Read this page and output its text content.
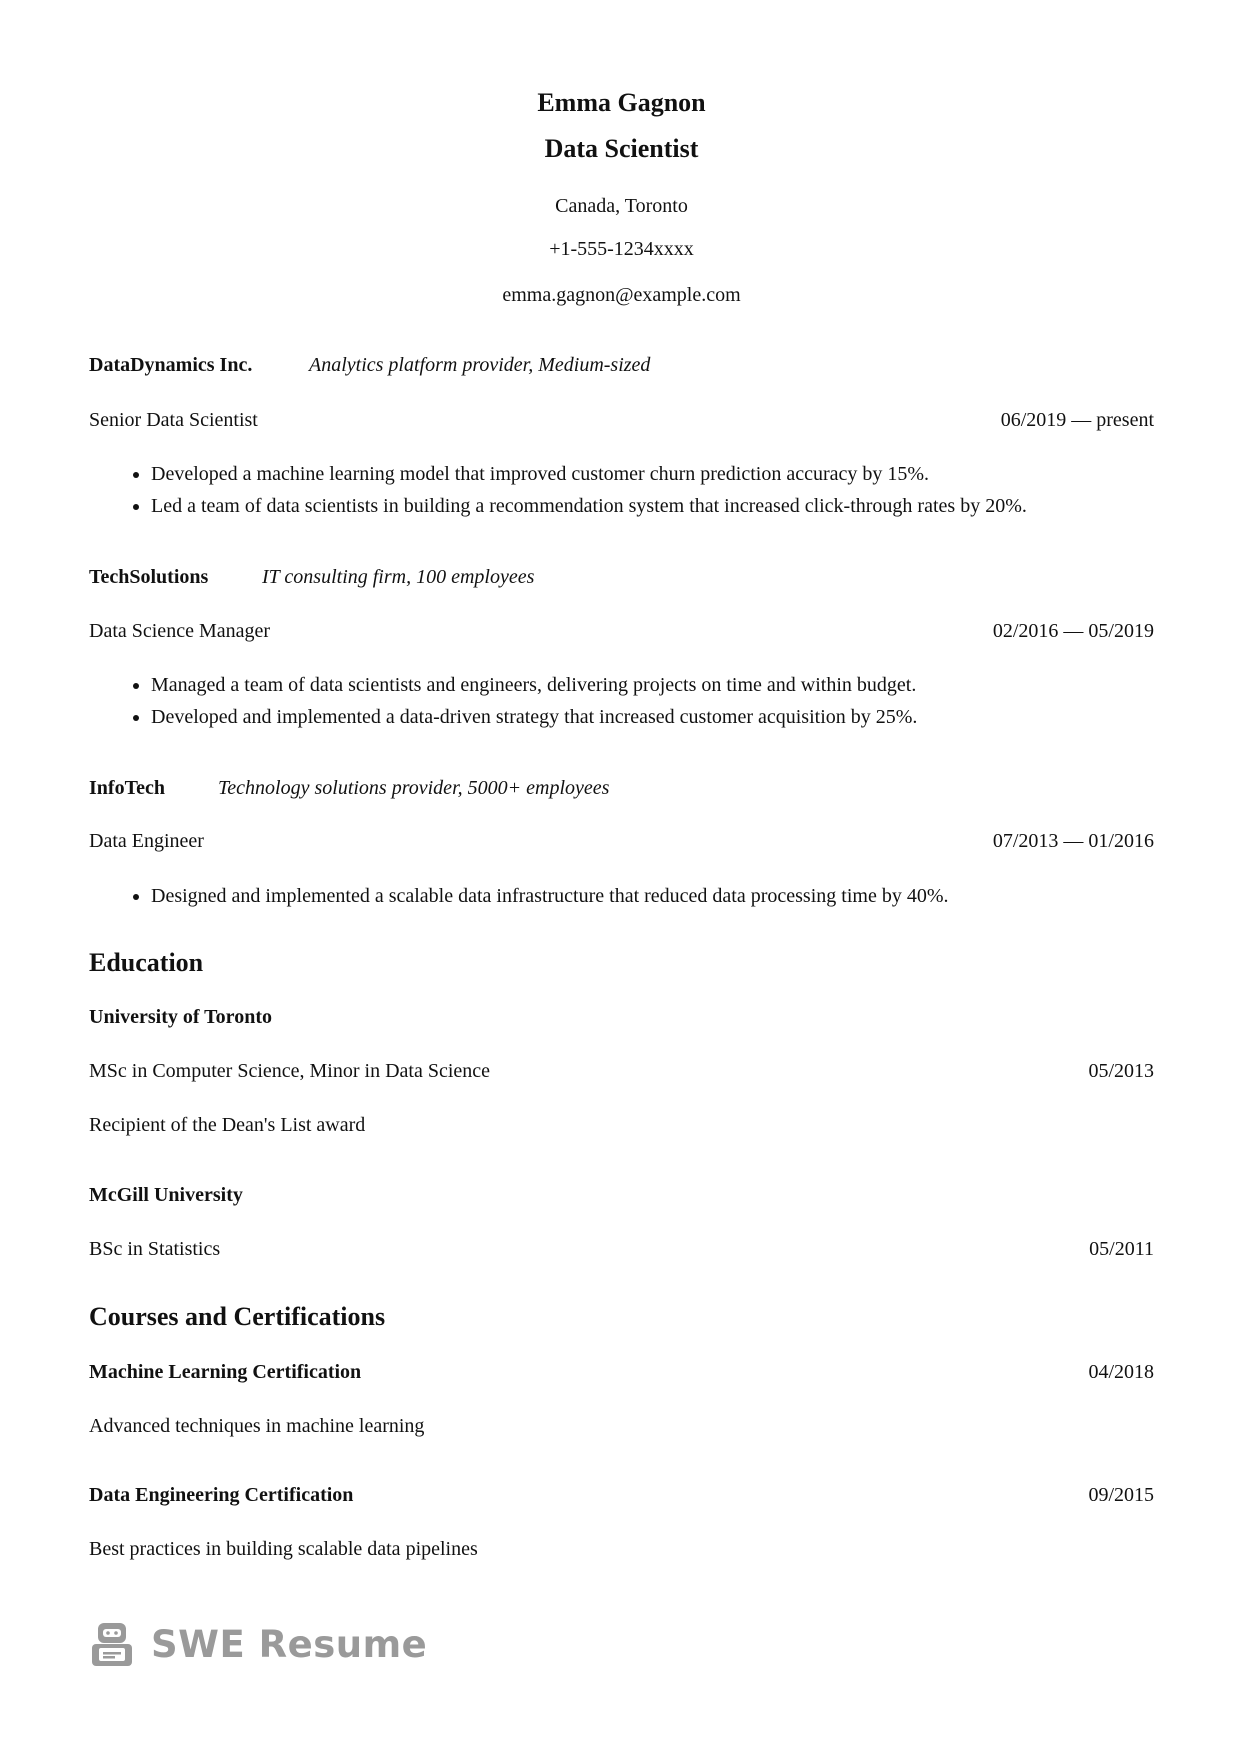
Emma Gagnon
Data Scientist
Canada, Toronto
+1-555-1234xxxx
emma.gagnon@example.com
DataDynamics Inc.	Analytics platform provider, Medium-sized
Senior Data Scientist	06/2019 — present
• Developed a machine learning model that improved customer churn prediction accuracy by 15%.
• Led a team of data scientists in building a recommendation system that increased click-through rates by 20%.
TechSolutions	IT consulting firm, 100 employees
Data Science Manager	02/2016 — 05/2019
• Managed a team of data scientists and engineers, delivering projects on time and within budget.
• Developed and implemented a data-driven strategy that increased customer acquisition by 25%.
InfoTech	Technology solutions provider, 5000+ employees
Data Engineer	07/2013 — 01/2016
• Designed and implemented a scalable data infrastructure that reduced data processing time by 40%.
Education
University of Toronto
MSc in Computer Science, Minor in Data Science	05/2013
Recipient of the Dean's List award
McGill University
BSc in Statistics	05/2011
Courses and Certifications
Machine Learning Certification	04/2018
Advanced techniques in machine learning
Data Engineering Certification	09/2015
Best practices in building scalable data pipelines
SWE Resume
